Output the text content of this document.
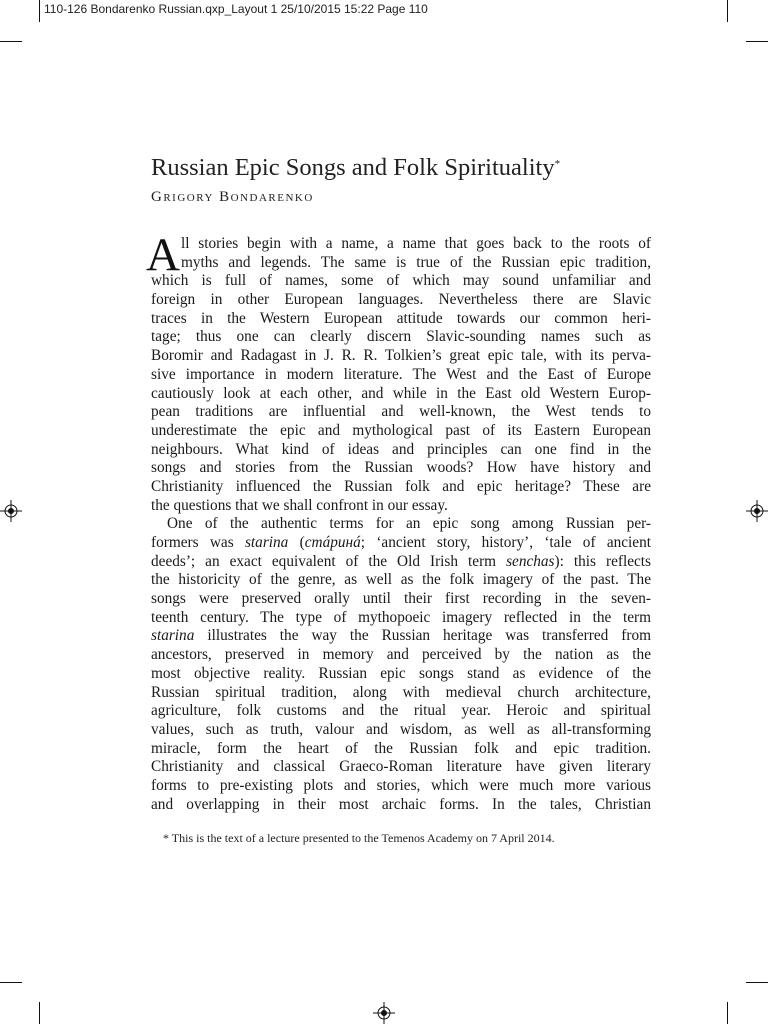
110-126 Bondarenko Russian.qxp_Layout 1 25/10/2015 15:22 Page 110
Russian Epic Songs and Folk Spirituality*
Grigory Bondarenko
A ll stories begin with a name, a name that goes back to the roots of
myths and legends. The same is true of the Russian epic tradition,
which is full of names, some of which may sound unfamiliar and
foreign in other European languages. Nevertheless there are Slavic
traces in the Western European attitude towards our common heri-
tage; thus one can clearly discern Slavic-sounding names such as
Boromir and Radagast in J. R. R. Tolkien’s great epic tale, with its perva-
sive importance in modern literature. The West and the East of Europe
cautiously look at each other, and while in the East old Western Europ-
pean traditions are influential and well-known, the West tends to
underestimate the epic and mythological past of its Eastern European
neighbours. What kind of ideas and principles can one find in the
songs and stories from the Russian woods? How have history and
Christianity influenced the Russian folk and epic heritage? These are
the questions that we shall confront in our essay.
One of the authentic terms for an epic song among Russian per-
formers was starina (стáринá; ‘ancient story, history’, ‘tale of ancient
deeds’; an exact equivalent of the Old Irish term senchas): this reflects
the historicity of the genre, as well as the folk imagery of the past. The
songs were preserved orally until their first recording in the seven-
teenth century. The type of mythopoeic imagery reflected in the term
starina illustrates the way the Russian heritage was transferred from
ancestors, preserved in memory and perceived by the nation as the
most objective reality. Russian epic songs stand as evidence of the
Russian spiritual tradition, along with medieval church architecture,
agriculture, folk customs and the ritual year. Heroic and spiritual
values, such as truth, valour and wisdom, as well as all-transforming
miracle, form the heart of the Russian folk and epic tradition.
Christianity and classical Graeco-Roman literature have given literary
forms to pre-existing plots and stories, which were much more various
and overlapping in their most archaic forms. In the tales, Christian
* This is the text of a lecture presented to the Temenos Academy on 7 April 2014.
